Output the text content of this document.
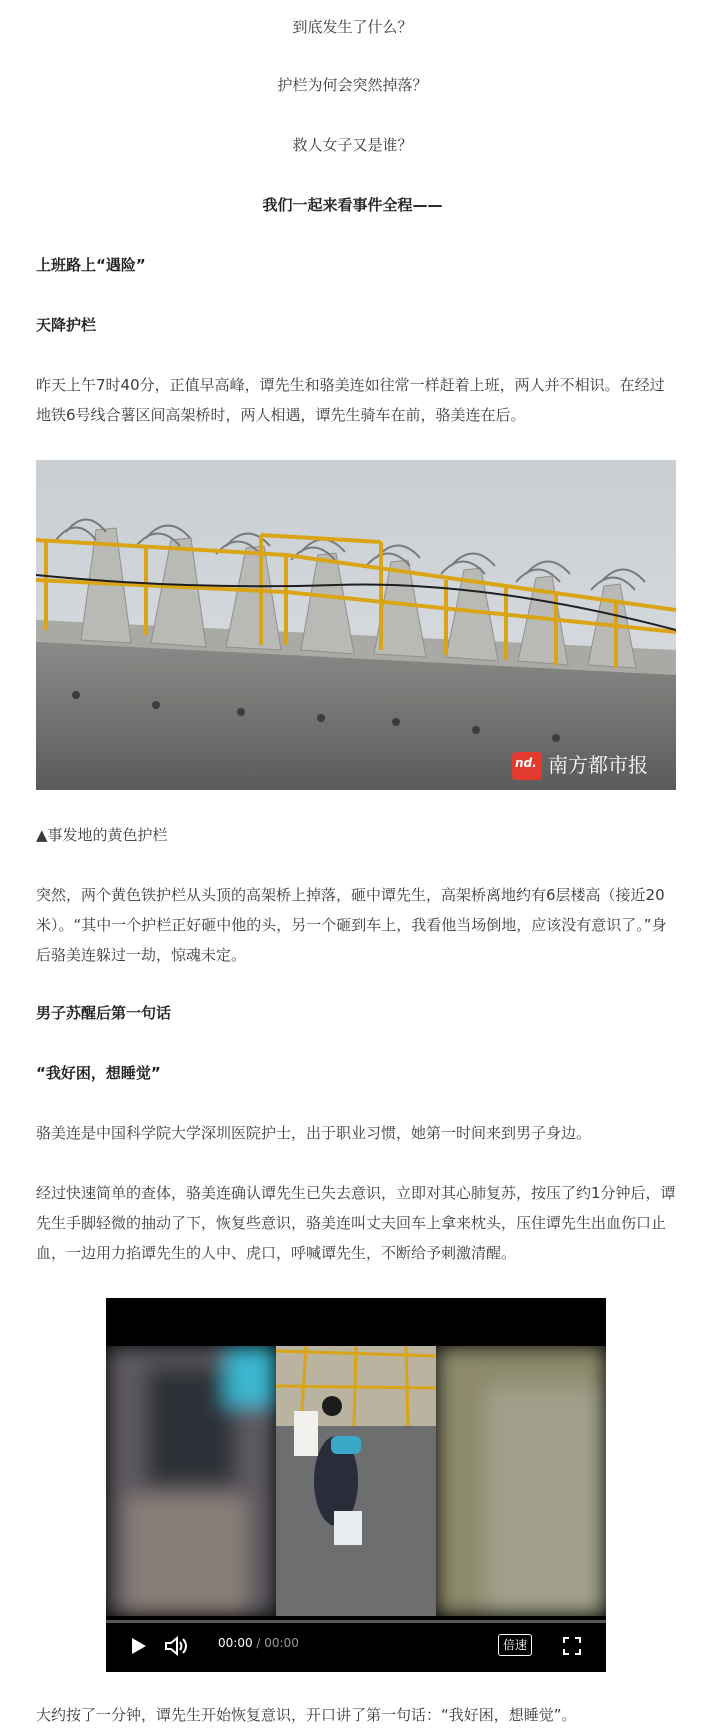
到底发生了什么？

护栏为何会突然掉落？

救人女子又是谁？

我们一起来看事件全程——

上班路上“遇险”

天降护栏

昨天上午7时40分，正值早高峰，谭先生和骆美连如往常一样赶着上班，两人并不相识。在经过地铁6号线合薯区间高架桥时，两人相遇，谭先生骑车在前，骆美连在后。

nd. 南方都市报

▲事发地的黄色护栏

突然，两个黄色铁护栏从头顶的高架桥上掉落，砸中谭先生，高架桥离地约有6层楼高（接近20米）。“其中一个护栏正好砸中他的头，另一个砸到车上，我看他当场倒地，应该没有意识了。”身后骆美连躲过一劫，惊魂未定。

男子苏醒后第一句话

“我好困，想睡觉”

骆美连是中国科学院大学深圳医院护士，出于职业习惯，她第一时间来到男子身边。

经过快速简单的查体，骆美连确认谭先生已失去意识，立即对其心肺复苏，按压了约1分钟后，谭先生手脚轻微的抽动了下，恢复些意识，骆美连叫丈夫回车上拿来枕头，压住谭先生出血伤口止血，一边用力掐谭先生的人中、虎口，呼喊谭先生，不断给予刺激清醒。

00:00 / 00:00	倍速

大约按了一分钟，谭先生开始恢复意识，开口讲了第一句话：“我好困，想睡觉”。
